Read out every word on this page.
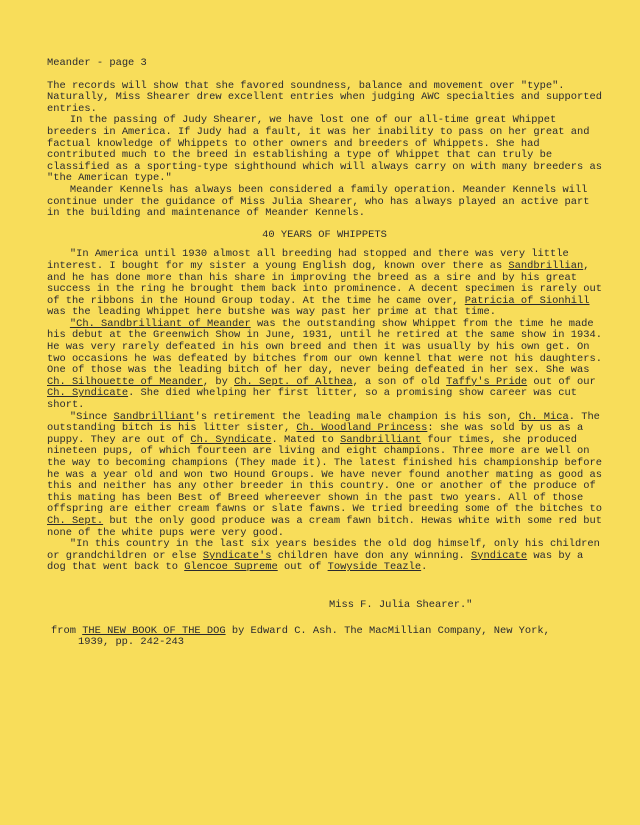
Meander - page 3

The records will show that she favored soundness, balance and movement over "type". Naturally, Miss Shearer drew excellent entries when judging AWC specialties and supported entries.

In the passing of Judy Shearer, we have lost one of our all-time great Whippet breeders in America. If Judy had a fault, it was her inability to pass on her great and factual knowledge of Whippets to other owners and breeders of Whippets. She had contributed much to the breed in establishing a type of Whippet that can truly be classified as a sporting-type sighthound which will always carry on with many breeders as "the American type."

Meander Kennels has always been considered a family operation. Meander Kennels will continue under the guidance of Miss Julia Shearer, who has always played an active part in the building and maintenance of Meander Kennels.

40 YEARS OF WHIPPETS

"In America until 1930 almost all breeding had stopped and there was very little interest. I bought for my sister a young English dog, known over there as Sandbrillian, and he has done more than his share in improving the breed as a sire and by his great success in the ring he brought them back into prominence. A decent specimen is rarely out of the ribbons in the Hound Group today. At the time he came over, Patricia of Sionhill was the leading Whippet here butshe was way past her prime at that time.

"Ch. Sandbrilliant of Meander was the outstanding show Whippet from the time he made his debut at the Greenwich Show in June, 1931, until he retired at the same show in 1934. He was very rarely defeated in his own breed and then it was usually by his own get. On two occasions he was defeated by bitches from our own kennel that were not his daughters. One of those was the leading bitch of her day, never being defeated in her sex. She was Ch. Silhouette of Meander, by Ch. Sept. of Althea, a son of old Taffy's Pride out of our Ch. Syndicate. She died whelping her first litter, so a promising show career was cut short.

"Since Sandbrilliant's retirement the leading male champion is his son, Ch. Mica. The outstanding bitch is his litter sister, Ch. Woodland Princess: she was sold by us as a puppy. They are out of Ch. Syndicate. Mated to Sandbrilliant four times, she produced nineteen pups, of which fourteen are living and eight champions. Three more are well on the way to becoming champions (They made it). The latest finished his championship before he was a year old and won two Hound Groups. We have never found another mating as good as this and neither has any other breeder in this country. One or another of the produce of this mating has been Best of Breed whereever shown in the past two years. All of those offspring are either cream fawns or slate fawns. We tried breeding some of the bitches to Ch. Sept. but the only good produce was a cream fawn bitch. Hewas white with some red but none of the white pups were very good.

"In this country in the last six years besides the old dog himself, only his children or grandchildren or else Syndicate's children have don any winning. Syndicate was by a dog that went back to Glencoe Supreme out of Towyside Teazle.

Miss F. Julia Shearer."
from THE NEW BOOK OF THE DOG by Edward C. Ash. The MacMillian Company, New York,
1939, pp. 242-243
